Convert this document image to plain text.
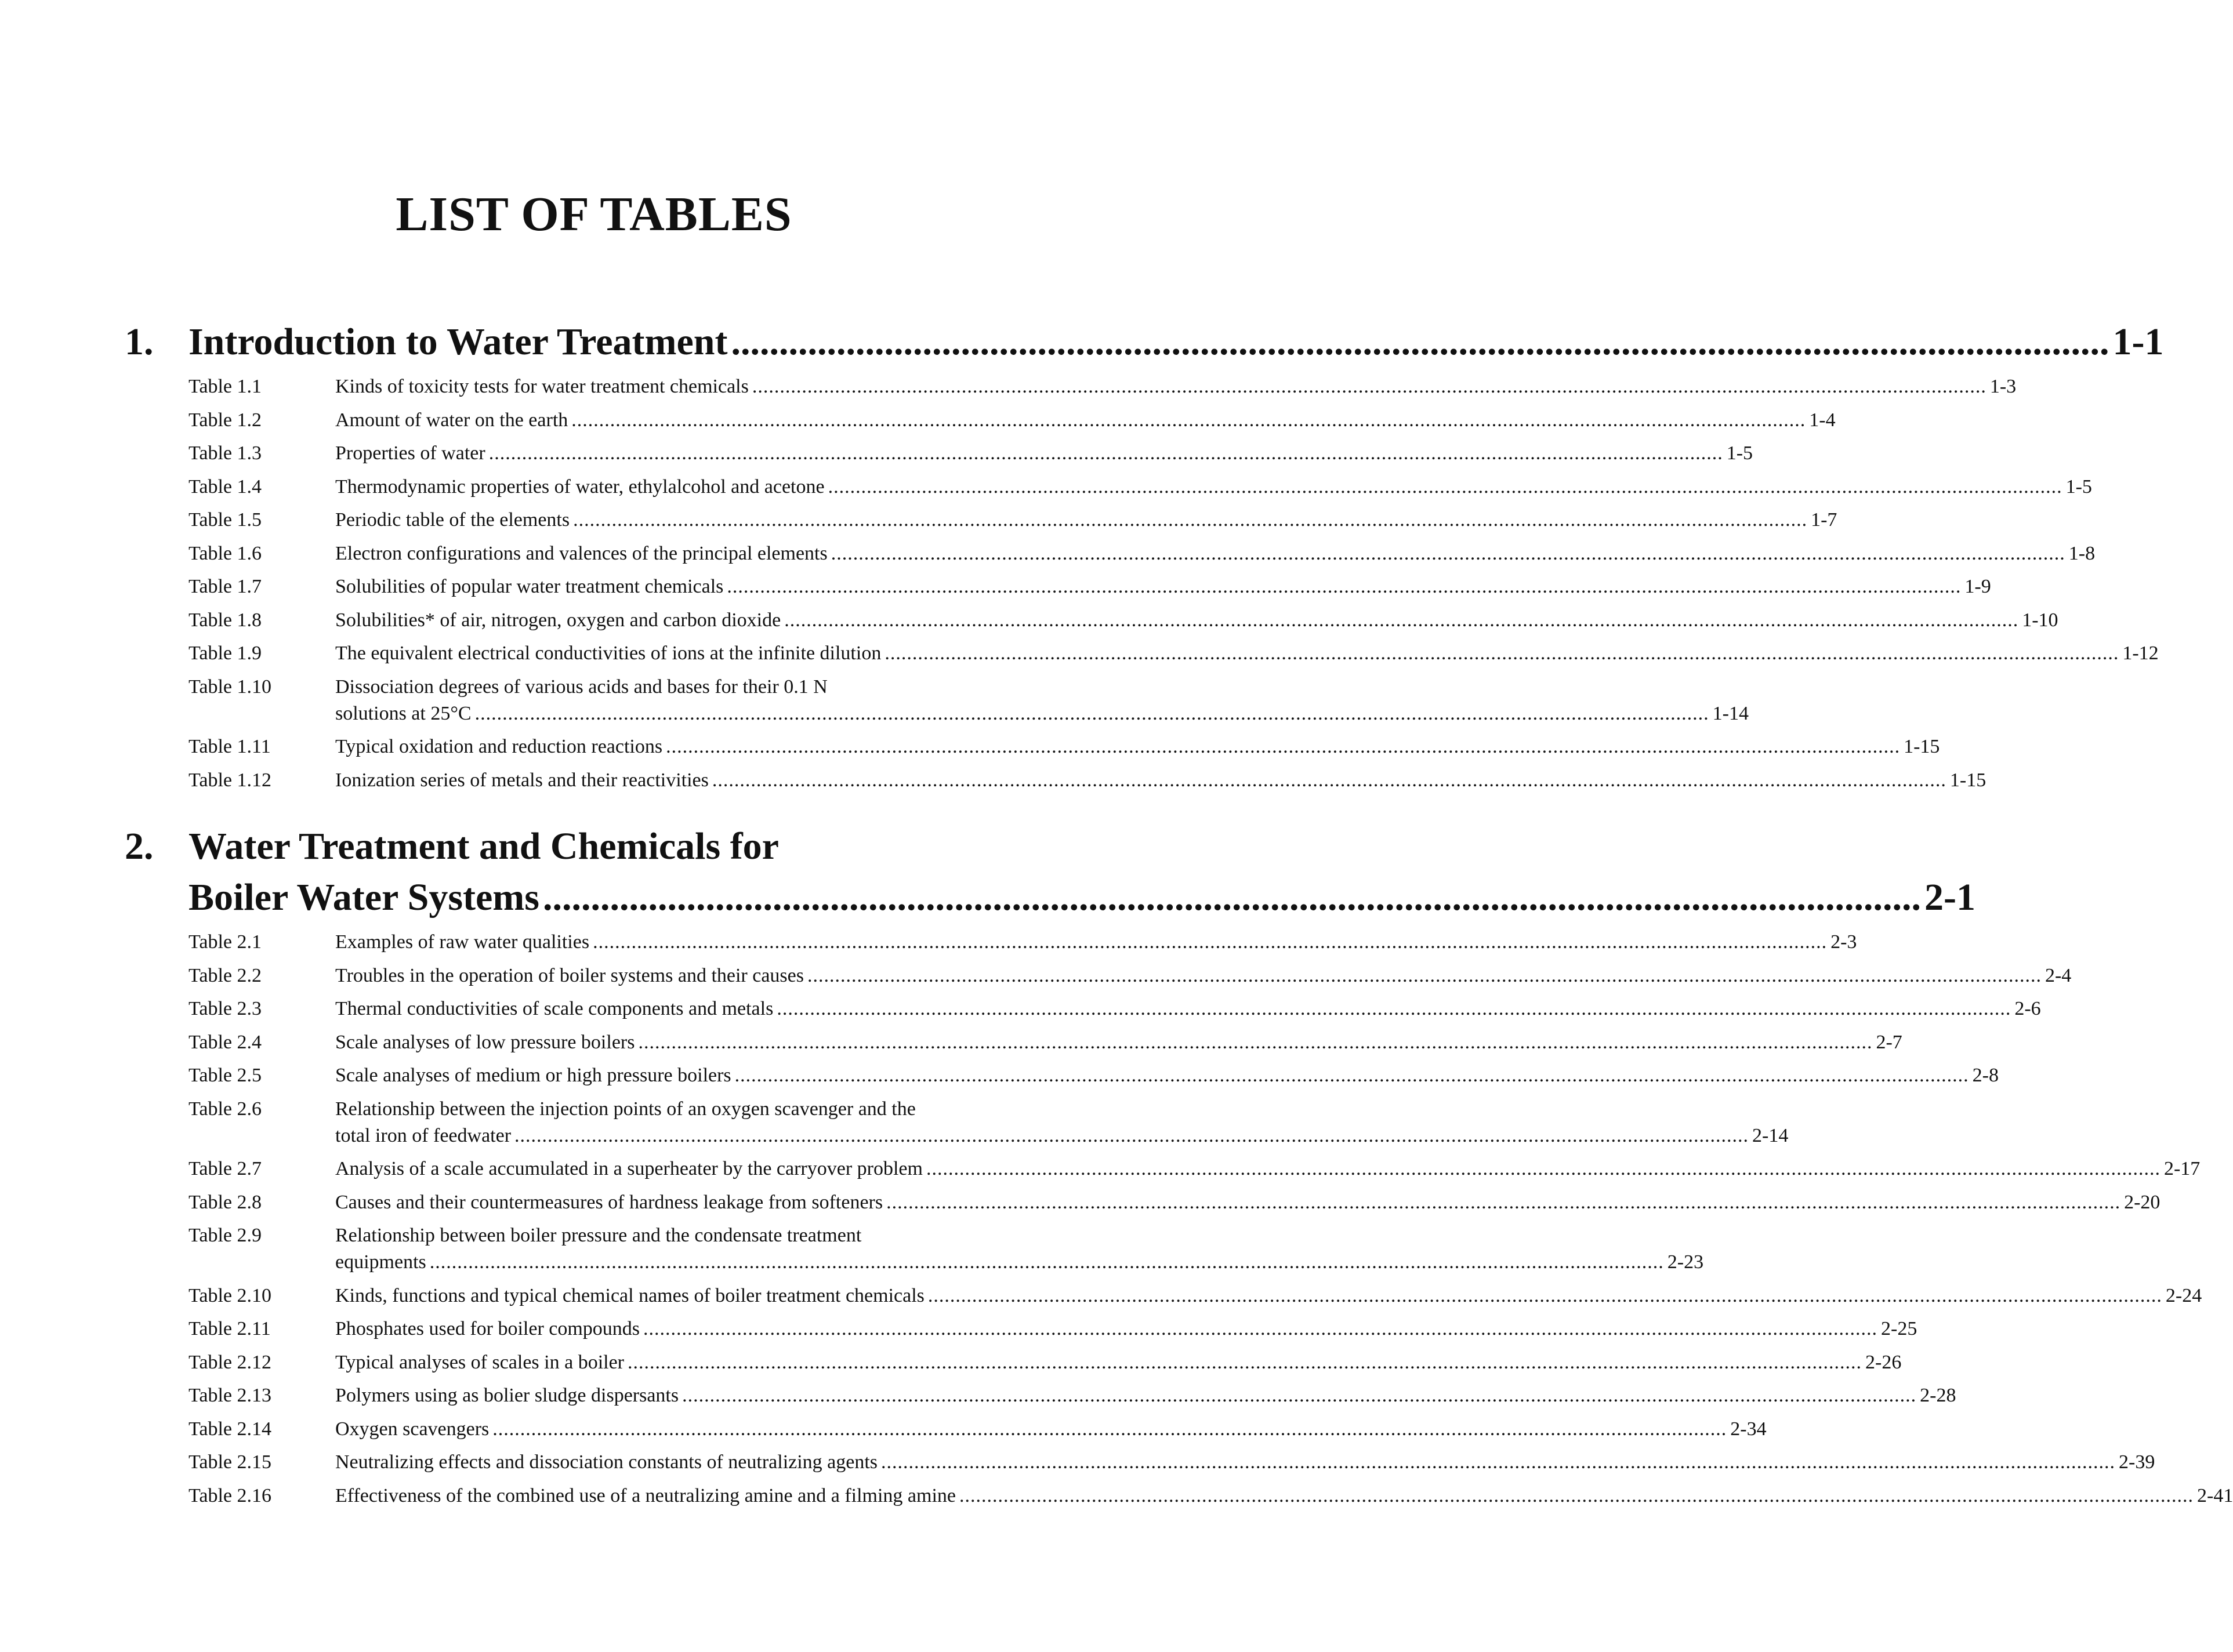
LIST OF TABLES
1. Introduction to Water Treatment .....	1-1
Table 1.1	Kinds of toxicity tests for water treatment chemicals .....	1-3
Table 1.2	Amount of water on the earth .....	1-4
Table 1.3	Properties of water .....	1-5
Table 1.4	Thermodynamic properties of water, ethylalcohol and acetone .....	1-5
Table 1.5	Periodic table of the elements .....	1-7
Table 1.6	Electron configurations and valences of the principal elements .....	1-8
Table 1.7	Solubilities of popular water treatment chemicals .....	1-9
Table 1.8	Solubilities* of air, nitrogen, oxygen and carbon dioxide .....	1-10
Table 1.9	The equivalent electrical conductivities of ions at the infinite dilution .....	1-12
Table 1.10	Dissociation degrees of various acids and bases for their 0.1 N
solutions at 25°C .....	1-14
Table 1.11	Typical oxidation and reduction reactions .....	1-15
Table 1.12	Ionization series of metals and their reactivities .....	1-15
2. Water Treatment and Chemicals for
Boiler Water Systems .....	2-1
Table 2.1	Examples of raw water qualities .....	2-3
Table 2.2	Troubles in the operation of boiler systems and their causes .....	2-4
Table 2.3	Thermal conductivities of scale components and metals .....	2-6
Table 2.4	Scale analyses of low pressure boilers .....	2-7
Table 2.5	Scale analyses of medium or high pressure boilers .....	2-8
Table 2.6	Relationship between the injection points of an oxygen scavenger and the
total iron of feedwater .....	2-14
Table 2.7	Analysis of a scale accumulated in a superheater by the carryover problem .....	2-17
Table 2.8	Causes and their countermeasures of hardness leakage from softeners .....	2-20
Table 2.9	Relationship between boiler pressure and the condensate treatment
equipments .....	2-23
Table 2.10	Kinds, functions and typical chemical names of boiler treatment chemicals .....	2-24
Table 2.11	Phosphates used for boiler compounds .....	2-25
Table 2.12	Typical analyses of scales in a boiler .....	2-26
Table 2.13	Polymers using as bolier sludge dispersants .....	2-28
Table 2.14	Oxygen scavengers .....	2-34
Table 2.15	Neutralizing effects and dissociation constants of neutralizing agents .....	2-39
Table 2.16	Effectiveness of the combined use of a neutralizing amine and a filming amine .....	2-41
